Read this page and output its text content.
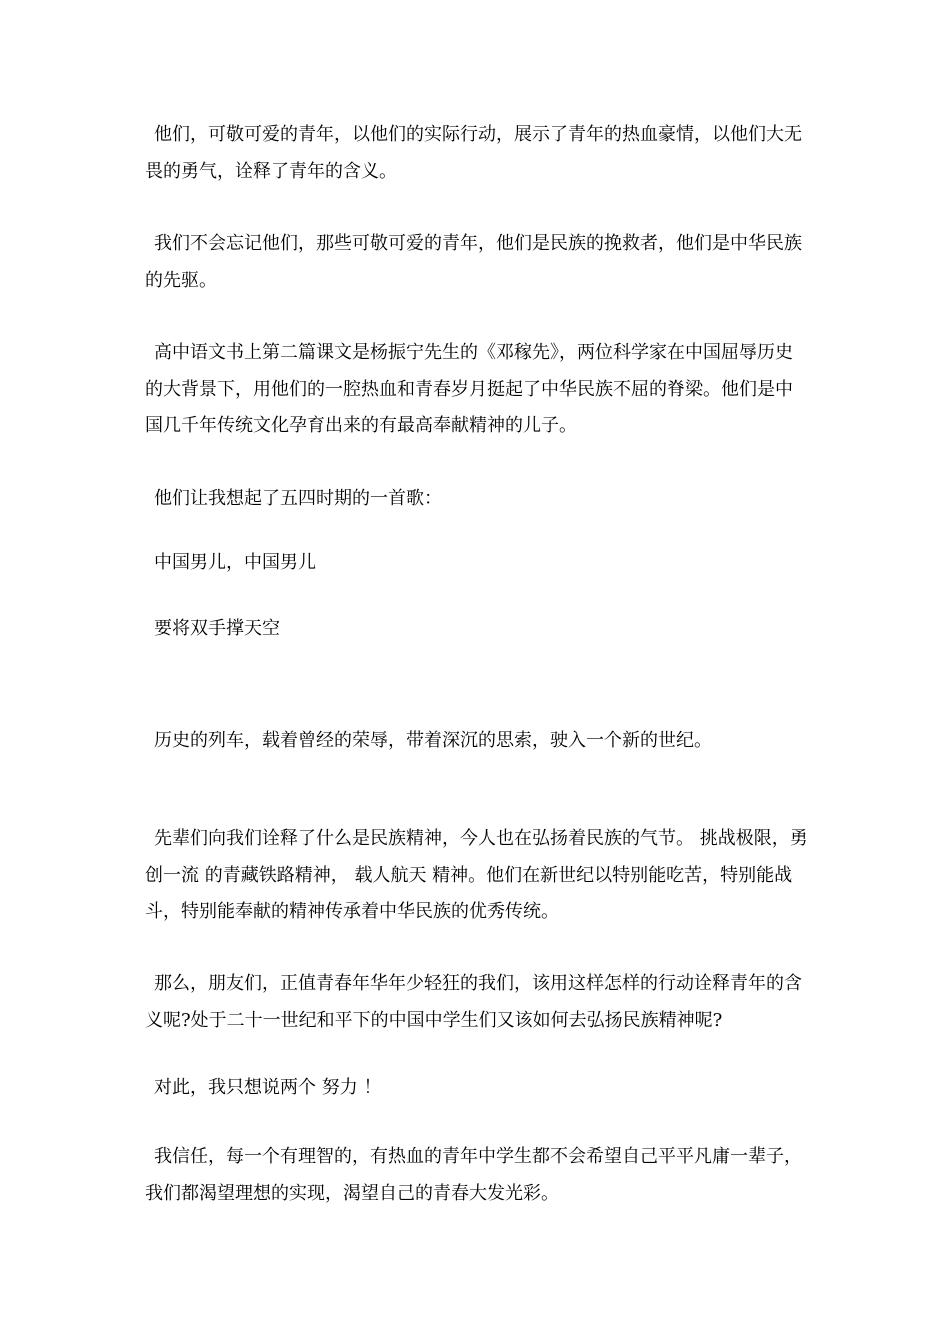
他们，可敬可爱的青年，以他们的实际行动，展示了青年的热血豪情，以他们大无畏的勇气，诠释了青年的含义。

我们不会忘记他们，那些可敬可爱的青年，他们是民族的挽救者，他们是中华民族的先驱。

高中语文书上第二篇课文是杨振宁先生的《邓稼先》，两位科学家在中国屈辱历史的大背景下，用他们的一腔热血和青春岁月挺起了中华民族不屈的脊梁。他们是中国几千年传统文化孕育出来的有最高奉献精神的儿子。

他们让我想起了五四时期的一首歌：

中国男儿，中国男儿

要将双手撑天空

历史的列车，载着曾经的荣辱，带着深沉的思索，驶入一个新的世纪。

先辈们向我们诠释了什么是民族精神，今人也在弘扬着民族的气节。 挑战极限，勇创一流 的青藏铁路精神， 载人航天 精神。他们在新世纪以特别能吃苦，特别能战斗，特别能奉献的精神传承着中华民族的优秀传统。

那么，朋友们，正值青春年华年少轻狂的我们，该用这样怎样的行动诠释青年的含义呢?处于二十一世纪和平下的中国中学生们又该如何去弘扬民族精神呢?

对此，我只想说两个 努力 ！

我信任，每一个有理智的，有热血的青年中学生都不会希望自己平平凡庸一辈子，我们都渴望理想的实现，渴望自己的青春大发光彩。
